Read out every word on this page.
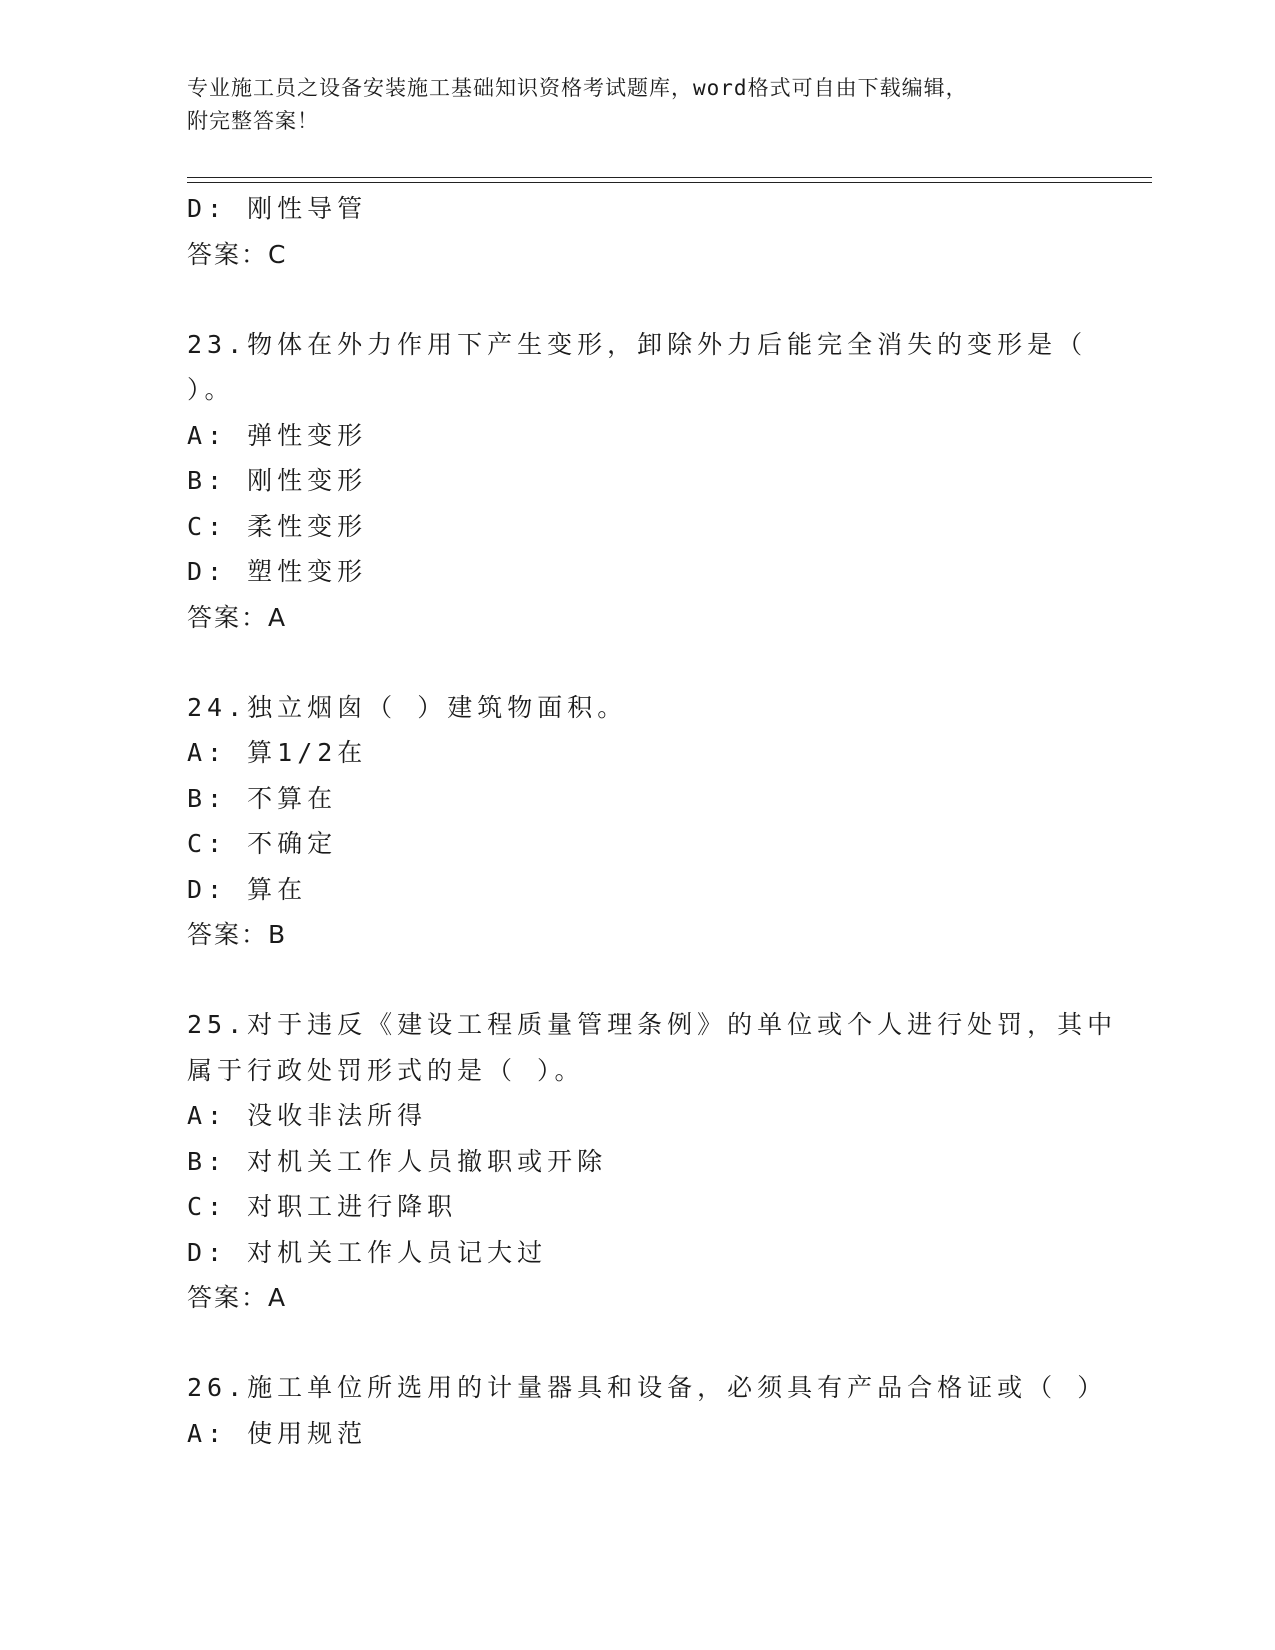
专业施工员之设备安装施工基础知识资格考试题库，word格式可自由下载编辑，
附完整答案！
D: 刚性导管
答案：C
23.物体在外力作用下产生变形，卸除外力后能完全消失的变形是（
）。
A: 弹性变形
B: 刚性变形
C: 柔性变形
D: 塑性变形
答案：A
24.独立烟囱（ ）建筑物面积。
A: 算1/2在
B: 不算在
C: 不确定
D: 算在
答案：B
25.对于违反《建设工程质量管理条例》的单位或个人进行处罚，其中
属于行政处罚形式的是（ ）。
A: 没收非法所得
B: 对机关工作人员撤职或开除
C: 对职工进行降职
D: 对机关工作人员记大过
答案：A
26.施工单位所选用的计量器具和设备，必须具有产品合格证或（ ）
A: 使用规范
